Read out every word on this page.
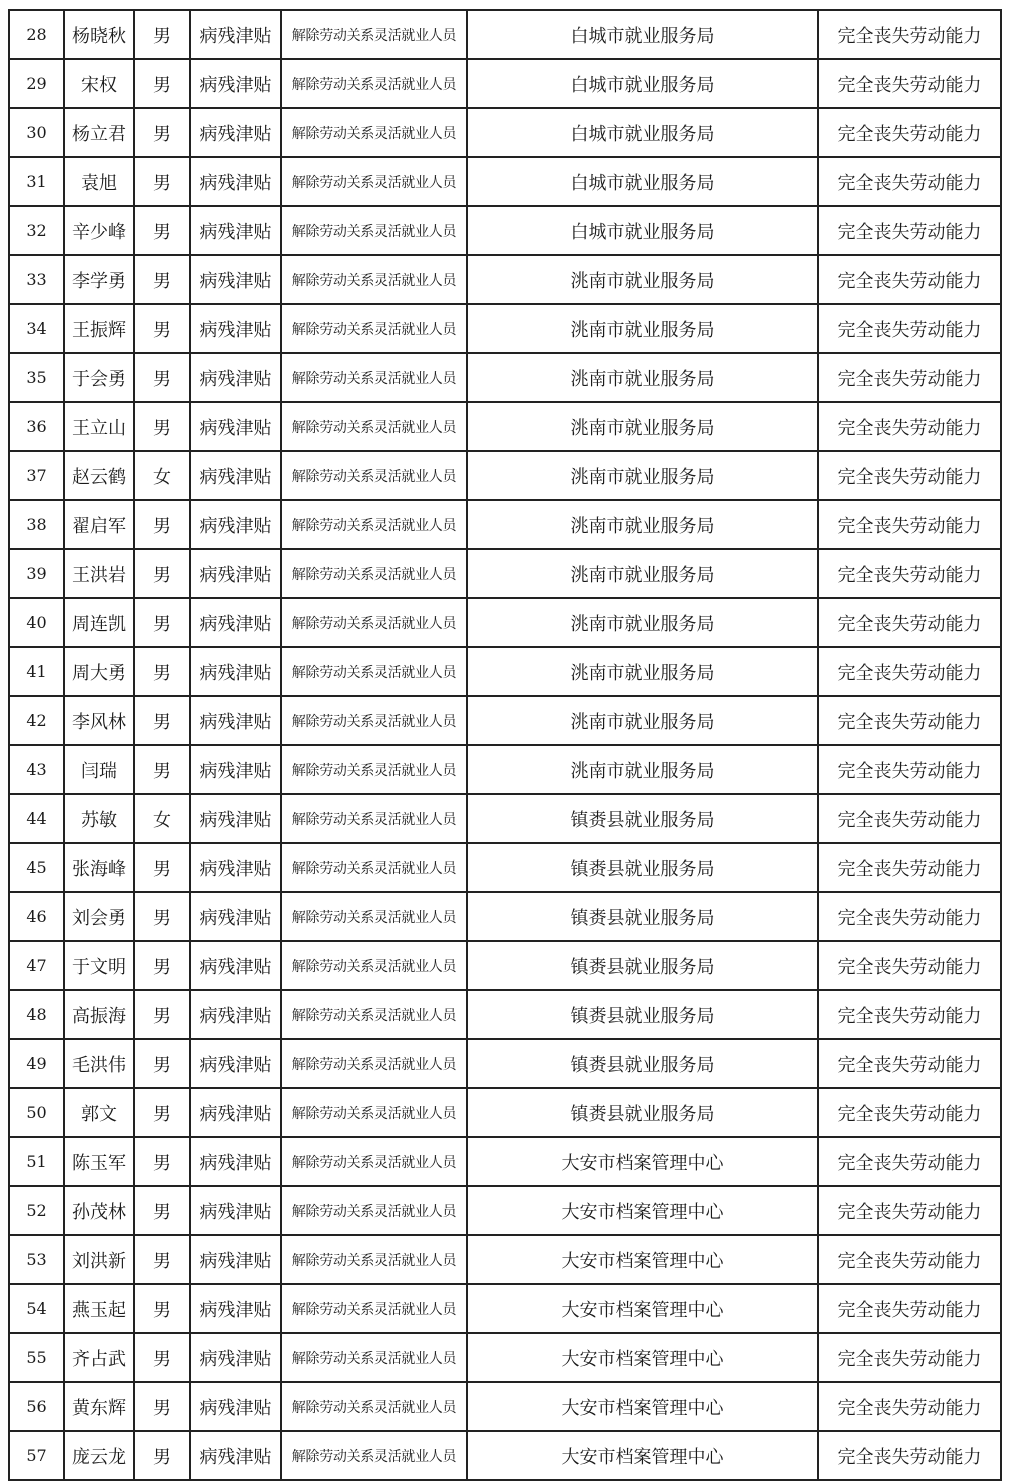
28	杨晓秋	男	病残津贴	解除劳动关系灵活就业人员	白城市就业服务局	完全丧失劳动能力
29	宋权	男	病残津贴	解除劳动关系灵活就业人员	白城市就业服务局	完全丧失劳动能力
30	杨立君	男	病残津贴	解除劳动关系灵活就业人员	白城市就业服务局	完全丧失劳动能力
31	袁旭	男	病残津贴	解除劳动关系灵活就业人员	白城市就业服务局	完全丧失劳动能力
32	辛少峰	男	病残津贴	解除劳动关系灵活就业人员	白城市就业服务局	完全丧失劳动能力
33	李学勇	男	病残津贴	解除劳动关系灵活就业人员	洮南市就业服务局	完全丧失劳动能力
34	王振辉	男	病残津贴	解除劳动关系灵活就业人员	洮南市就业服务局	完全丧失劳动能力
35	于会勇	男	病残津贴	解除劳动关系灵活就业人员	洮南市就业服务局	完全丧失劳动能力
36	王立山	男	病残津贴	解除劳动关系灵活就业人员	洮南市就业服务局	完全丧失劳动能力
37	赵云鹤	女	病残津贴	解除劳动关系灵活就业人员	洮南市就业服务局	完全丧失劳动能力
38	翟启军	男	病残津贴	解除劳动关系灵活就业人员	洮南市就业服务局	完全丧失劳动能力
39	王洪岩	男	病残津贴	解除劳动关系灵活就业人员	洮南市就业服务局	完全丧失劳动能力
40	周连凯	男	病残津贴	解除劳动关系灵活就业人员	洮南市就业服务局	完全丧失劳动能力
41	周大勇	男	病残津贴	解除劳动关系灵活就业人员	洮南市就业服务局	完全丧失劳动能力
42	李风林	男	病残津贴	解除劳动关系灵活就业人员	洮南市就业服务局	完全丧失劳动能力
43	闫瑞	男	病残津贴	解除劳动关系灵活就业人员	洮南市就业服务局	完全丧失劳动能力
44	苏敏	女	病残津贴	解除劳动关系灵活就业人员	镇赉县就业服务局	完全丧失劳动能力
45	张海峰	男	病残津贴	解除劳动关系灵活就业人员	镇赉县就业服务局	完全丧失劳动能力
46	刘会勇	男	病残津贴	解除劳动关系灵活就业人员	镇赉县就业服务局	完全丧失劳动能力
47	于文明	男	病残津贴	解除劳动关系灵活就业人员	镇赉县就业服务局	完全丧失劳动能力
48	高振海	男	病残津贴	解除劳动关系灵活就业人员	镇赉县就业服务局	完全丧失劳动能力
49	毛洪伟	男	病残津贴	解除劳动关系灵活就业人员	镇赉县就业服务局	完全丧失劳动能力
50	郭文	男	病残津贴	解除劳动关系灵活就业人员	镇赉县就业服务局	完全丧失劳动能力
51	陈玉军	男	病残津贴	解除劳动关系灵活就业人员	大安市档案管理中心	完全丧失劳动能力
52	孙茂林	男	病残津贴	解除劳动关系灵活就业人员	大安市档案管理中心	完全丧失劳动能力
53	刘洪新	男	病残津贴	解除劳动关系灵活就业人员	大安市档案管理中心	完全丧失劳动能力
54	燕玉起	男	病残津贴	解除劳动关系灵活就业人员	大安市档案管理中心	完全丧失劳动能力
55	齐占武	男	病残津贴	解除劳动关系灵活就业人员	大安市档案管理中心	完全丧失劳动能力
56	黄东辉	男	病残津贴	解除劳动关系灵活就业人员	大安市档案管理中心	完全丧失劳动能力
57	庞云龙	男	病残津贴	解除劳动关系灵活就业人员	大安市档案管理中心	完全丧失劳动能力
